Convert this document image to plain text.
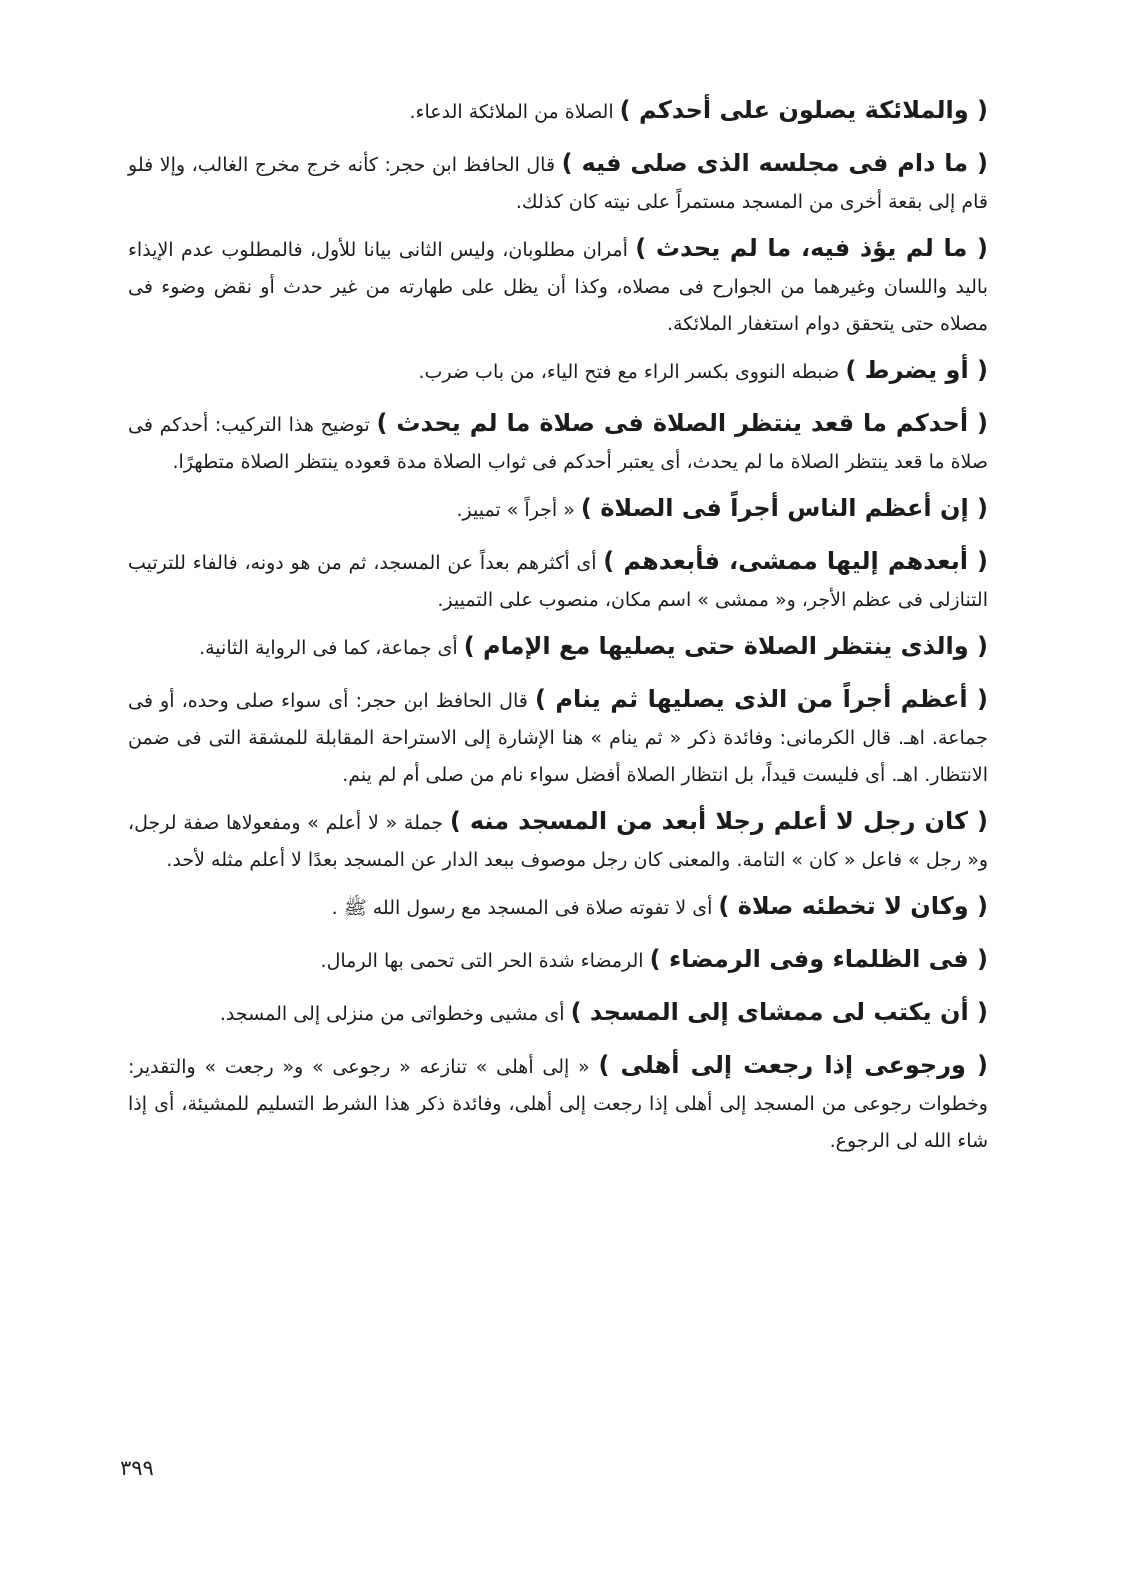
( والملائكة يصلون على أحدكم ) الصلاة من الملائكة الدعاء.

( ما دام فى مجلسه الذى صلى فيه ) قال الحافظ ابن حجر: كأنه خرج مخرج الغالب، وإلا فلو قام إلى بقعة أخرى من المسجد مستمراً على نيته كان كذلك.

( ما لم يؤذ فيه، ما لم يحدث ) أمران مطلوبان، وليس الثانى بيانا للأول، فالمطلوب عدم الإيذاء باليد واللسان وغيرهما من الجوارح فى مصلاه، وكذا أن يظل على طهارته من غير حدث أو نقض وضوء فى مصلاه حتى يتحقق دوام استغفار الملائكة.

( أو يضرط ) ضبطه النووى بكسر الراء مع فتح الياء، من باب ضرب.

( أحدكم ما قعد ينتظر الصلاة فى صلاة ما لم يحدث ) توضيح هذا التركيب: أحدكم فى صلاة ما قعد ينتظر الصلاة ما لم يحدث، أى يعتبر أحدكم فى ثواب الصلاة مدة قعوده ينتظر الصلاة متطهرًا.

( إن أعظم الناس أجراً فى الصلاة ) « أجراً » تمييز.

( أبعدهم إليها ممشى، فأبعدهم ) أى أكثرهم بعداً عن المسجد، ثم من هو دونه، فالفاء للترتيب التنازلى فى عظم الأجر، و« ممشى » اسم مكان، منصوب على التمييز.

( والذى ينتظر الصلاة حتى يصليها مع الإمام ) أى جماعة، كما فى الرواية الثانية.

( أعظم أجراً من الذى يصليها ثم ينام ) قال الحافظ ابن حجر: أى سواء صلى وحده، أو فى جماعة. اهـ. قال الكرمانى: وفائدة ذكر « ثم ينام » هنا الإشارة إلى الاستراحة المقابلة للمشقة التى فى ضمن الانتظار. اهـ. أى فليست قيداً، بل انتظار الصلاة أفضل سواء نام من صلى أم لم ينم.

( كان رجل لا أعلم رجلا أبعد من المسجد منه ) جملة « لا أعلم » ومفعولاها صفة لرجل، و« رجل » فاعل « كان » التامة. والمعنى كان رجل موصوف ببعد الدار عن المسجد بعدًا لا أعلم مثله لأحد.

( وكان لا تخطئه صلاة ) أى لا تفوته صلاة فى المسجد مع رسول الله ﷺ .

( فى الظلماء وفى الرمضاء ) الرمضاء شدة الحر التى تحمى بها الرمال.

( أن يكتب لى ممشاى إلى المسجد ) أى مشيى وخطواتى من منزلى إلى المسجد.

( ورجوعى إذا رجعت إلى أهلى ) « إلى أهلى » تنازعه « رجوعى » و« رجعت » والتقدير: وخطوات رجوعى من المسجد إلى أهلى إذا رجعت إلى أهلى، وفائدة ذكر هذا الشرط التسليم للمشيئة، أى إذا شاء الله لى الرجوع.

٣٩٩
